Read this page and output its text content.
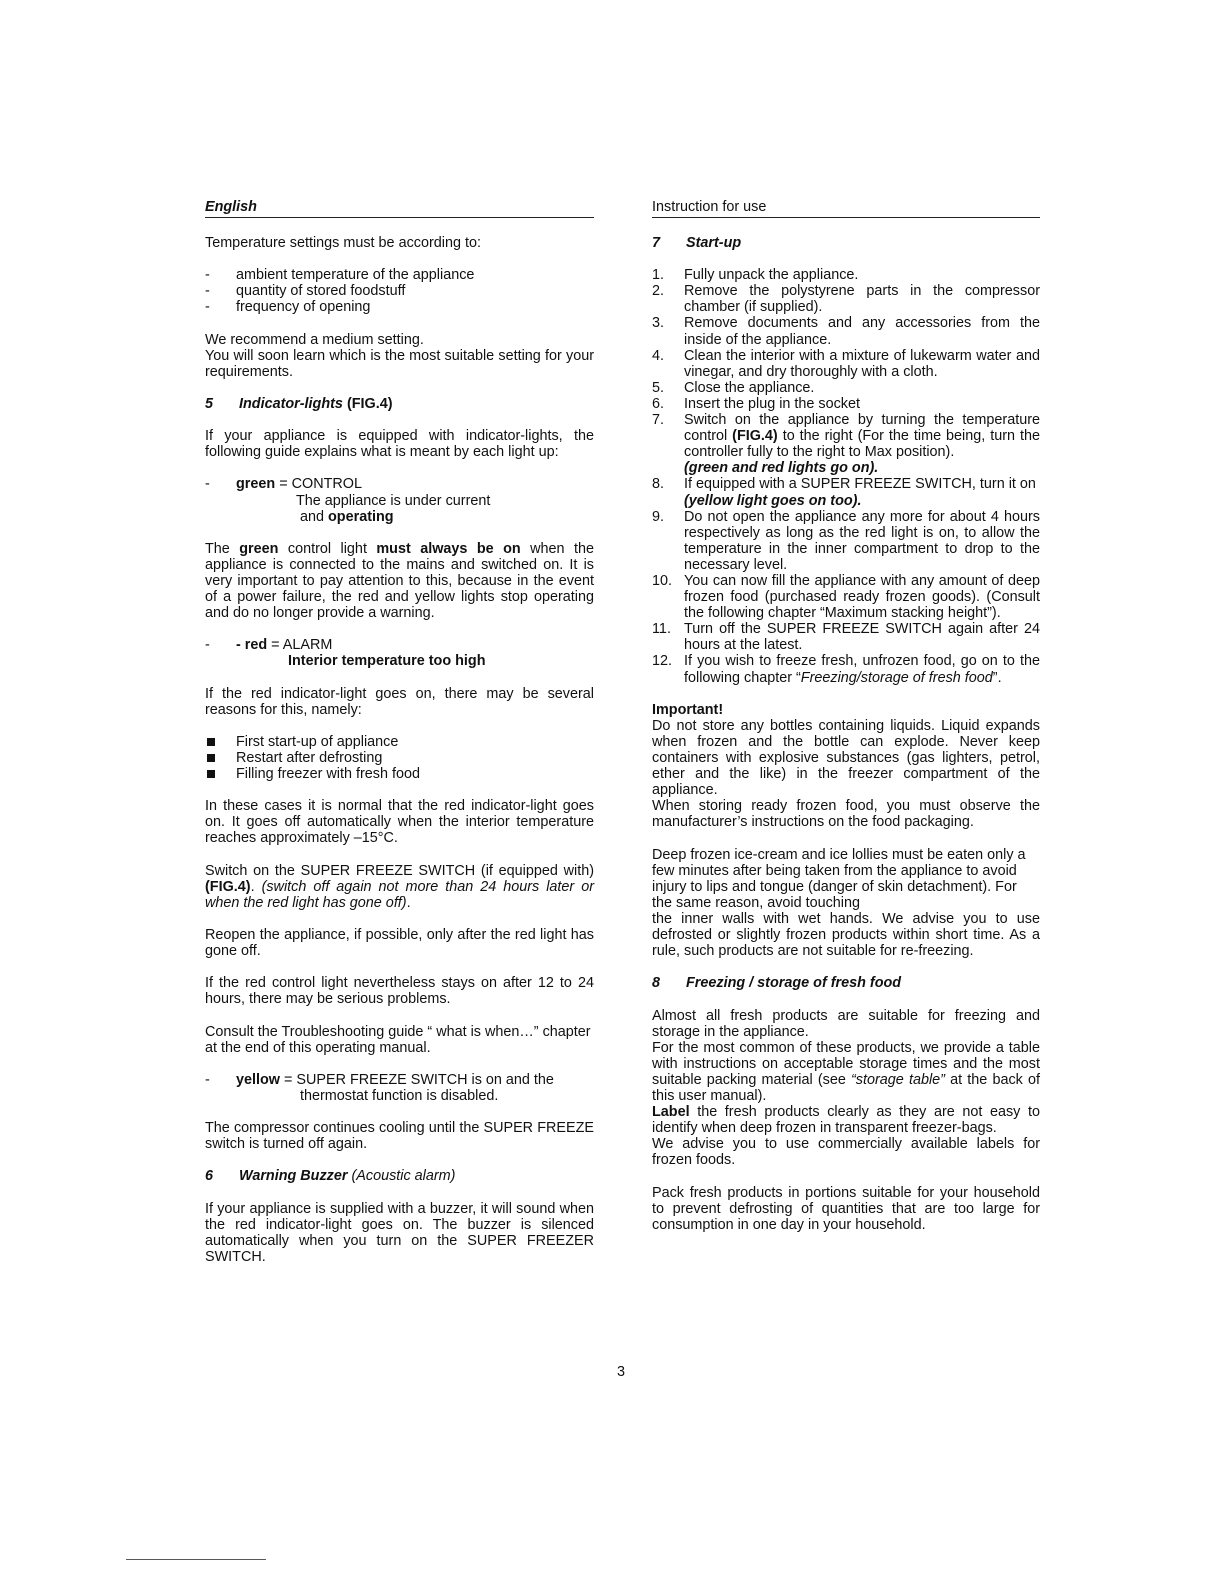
English

Temperature settings must be according to:

- ambient temperature of the appliance
- quantity of stored foodstuff
- frequency of opening

We recommend a medium setting.

You will soon learn which is the most suitable setting for your requirements.

5 Indicator-lights (FIG.4)

If your appliance is equipped with indicator-lights, the following guide explains what is meant by each light up:

- green = CONTROL
The appliance is under current
and operating

The green control light must always be on when the appliance is connected to the mains and switched on. It is very important to pay attention to this, because in the event of a power failure, the red and yellow lights stop operating and do no longer provide a warning.

- - red = ALARM
Interior temperature too high

If the red indicator-light goes on, there may be several reasons for this, namely:

First start-up of appliance
Restart after defrosting
Filling freezer with fresh food

In these cases it is normal that the red indicator-light goes on. It goes off automatically when the interior temperature reaches approximately –15°C.

Switch on the SUPER FREEZE SWITCH (if equipped with) (FIG.4). (switch off again not more than 24 hours later or when the red light has gone off).

Reopen the appliance, if possible, only after the red light has gone off.

If the red control light nevertheless stays on after 12 to 24 hours, there may be serious problems.

Consult the Troubleshooting guide “ what is when…” chapter at the end of this operating manual.

- yellow = SUPER FREEZE SWITCH is on and the
thermostat function is disabled.

The compressor continues cooling until the SUPER FREEZE switch is turned off again.

6 Warning Buzzer (Acoustic alarm)

If your appliance is supplied with a buzzer, it will sound when the red indicator-light goes on. The buzzer is silenced automatically when you turn on the SUPER FREEZER SWITCH.

Instruction for use

7 Start-up

1. Fully unpack the appliance.

2. Remove the polystyrene parts in the compressor chamber (if supplied).

3. Remove documents and any accessories from the inside of the appliance.

4. Clean the interior with a mixture of lukewarm water and vinegar, and dry thoroughly with a cloth.

5. Close the appliance.

6. Insert the plug in the socket

7. Switch on the appliance by turning the temperature control (FIG.4) to the right (For the time being, turn the controller fully to the right to Max position).

(green and red lights go on).

8. If equipped with a SUPER FREEZE SWITCH, turn it on

(yellow light goes on too).

9. Do not open the appliance any more for about 4 hours respectively as long as the red light is on, to allow the temperature in the inner compartment to drop to the necessary level.

10. You can now fill the appliance with any amount of deep frozen food (purchased ready frozen goods). (Consult the following chapter “Maximum stacking height”).

11. Turn off the SUPER FREEZE SWITCH again after 24 hours at the latest.

12. If you wish to freeze fresh, unfrozen food, go on to the following chapter “Freezing/storage of fresh food”.

Important!

Do not store any bottles containing liquids. Liquid expands when frozen and the bottle can explode. Never keep containers with explosive substances (gas lighters, petrol, ether and the like) in the freezer compartment of the appliance.

When storing ready frozen food, you must observe the manufacturer’s instructions on the food packaging.

Deep frozen ice-cream and ice lollies must be eaten only a few minutes after being taken from the appliance to avoid injury to lips and tongue (danger of skin detachment). For the same reason, avoid touching

the inner walls with wet hands. We advise you to use defrosted or slightly frozen products within short time. As a rule, such products are not suitable for re-freezing.

8 Freezing / storage of fresh food

Almost all fresh products are suitable for freezing and storage in the appliance.

For the most common of these products, we provide a table with instructions on acceptable storage times and the most suitable packing material (see “storage table” at the back of this user manual).

Label the fresh products clearly as they are not easy to identify when deep frozen in transparent freezer-bags.

We advise you to use commercially available labels for frozen foods.

Pack fresh products in portions suitable for your household to prevent defrosting of quantities that are too large for consumption in one day in your household.

3
